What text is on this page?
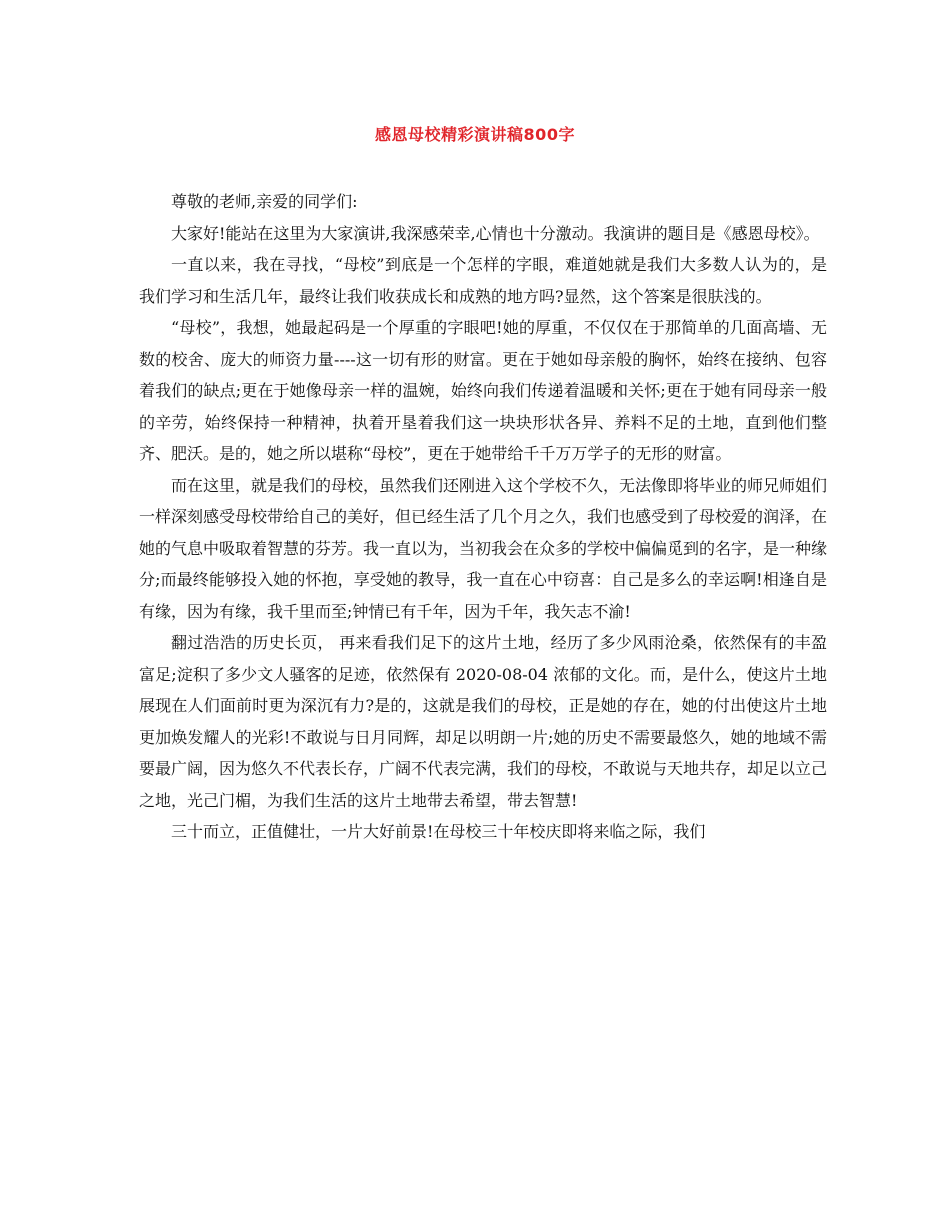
感恩母校精彩演讲稿800字

尊敬的老师,亲爱的同学们:

大家好!能站在这里为大家演讲,我深感荣幸,心情也十分激动。我演讲的题目是《感恩母校》。

一直以来，我在寻找，“母校”到底是一个怎样的字眼，难道她就是我们大多数人认为的，是我们学习和生活几年，最终让我们收获成长和成熟的地方吗?显然，这个答案是很肤浅的。

“母校”，我想，她最起码是一个厚重的字眼吧!她的厚重，不仅仅在于那简单的几面高墙、无数的校舍、庞大的师资力量----这一切有形的财富。更在于她如母亲般的胸怀，始终在接纳、包容着我们的缺点;更在于她像母亲一样的温婉，始终向我们传递着温暖和关怀;更在于她有同母亲一般的辛劳，始终保持一种精神，执着开垦着我们这一块块形状各异、养料不足的土地，直到他们整齐、肥沃。是的，她之所以堪称“母校”，更在于她带给千千万万学子的无形的财富。

而在这里，就是我们的母校，虽然我们还刚进入这个学校不久，无法像即将毕业的师兄师姐们一样深刻感受母校带给自己的美好，但已经生活了几个月之久，我们也感受到了母校爱的润泽，在她的气息中吸取着智慧的芬芳。我一直以为，当初我会在众多的学校中偏偏觅到的名字，是一种缘分;而最终能够投入她的怀抱，享受她的教导，我一直在心中窃喜：自己是多么的幸运啊!相逢自是有缘，因为有缘，我千里而至;钟情已有千年，因为千年，我矢志不渝!

翻过浩浩的历史长页， 再来看我们足下的这片土地，经历了多少风雨沧桑，依然保有的丰盈富足;淀积了多少文人骚客的足迹，依然保有 2020-08-04 浓郁的文化。而，是什么，使这片土地展现在人们面前时更为深沉有力?是的，这就是我们的母校，正是她的存在，她的付出使这片土地更加焕发耀人的光彩!不敢说与日月同辉，却足以明朗一片;她的历史不需要最悠久，她的地域不需要最广阔，因为悠久不代表长存，广阔不代表完满，我们的母校，不敢说与天地共存，却足以立己之地，光己门楣，为我们生活的这片土地带去希望，带去智慧!

三十而立，正值健壮，一片大好前景!在母校三十年校庆即将来临之际，我们
